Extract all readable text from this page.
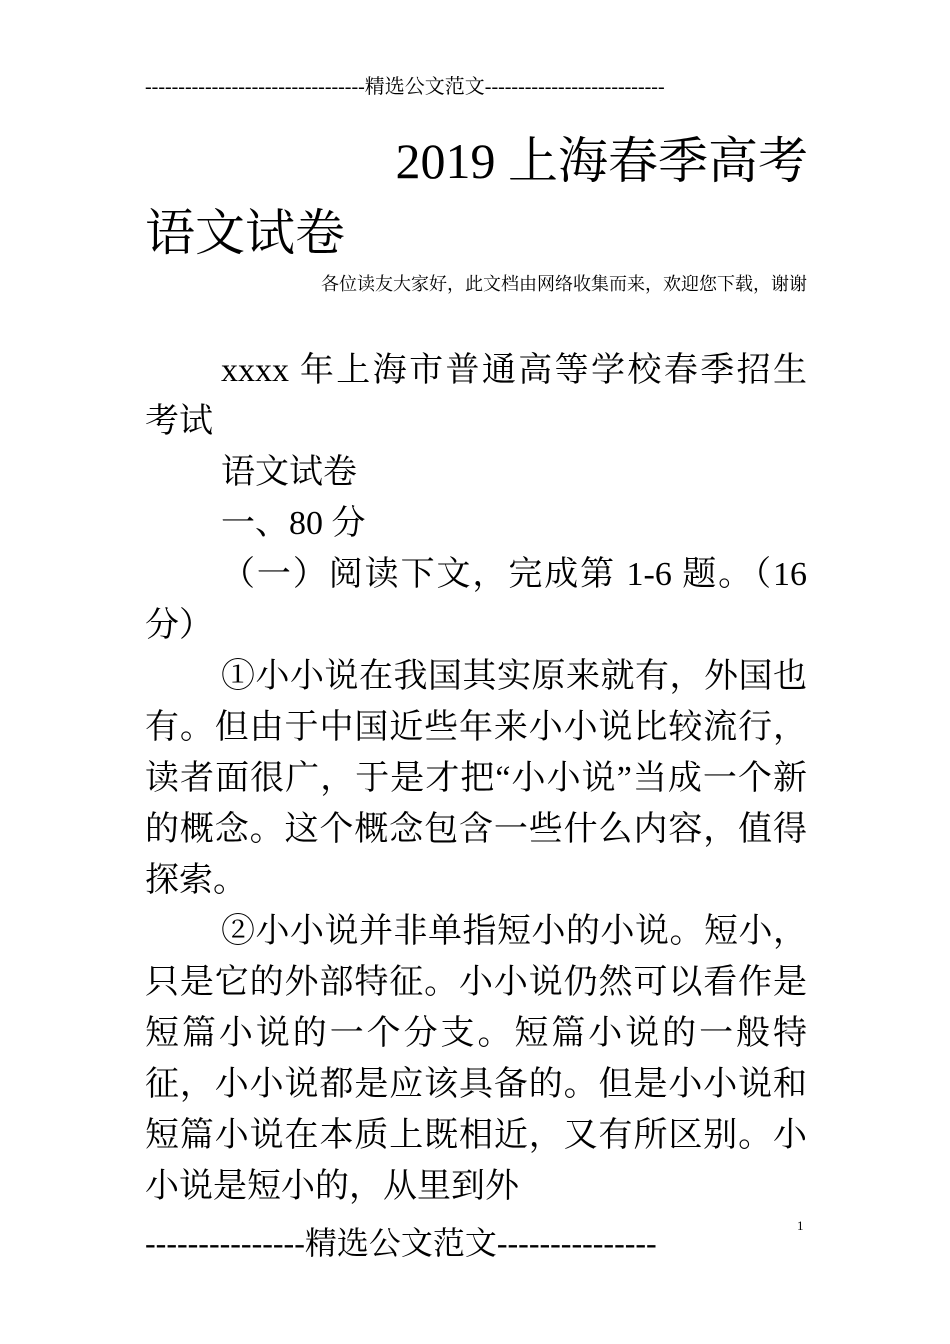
---------------------------------精选公文范文---------------------------
2019 上海春季高考
语文试卷
各位读友大家好，此文档由网络收集而来，欢迎您下载，谢谢

xxxx 年上海市普通高等学校春季招生考试

语文试卷

一、80 分

（一）阅读下文，完成第 1-6 题。（16 分）

①小小说在我国其实原来就有，外国也有。但由于中国近些年来小小说比较流行，读者面很广，于是才把“小小说”当成一个新的概念。这个概念包含一些什么内容，值得探索。

②小小说并非单指短小的小说。短小，只是它的外部特征。小小说仍然可以看作是短篇小说的一个分支。短篇小说的一般特征，小小说都是应该具备的。但是小小说和短篇小说在本质上既相近，又有所区别。小小说是短小的，从里到外

---------------精选公文范文---------------	1
